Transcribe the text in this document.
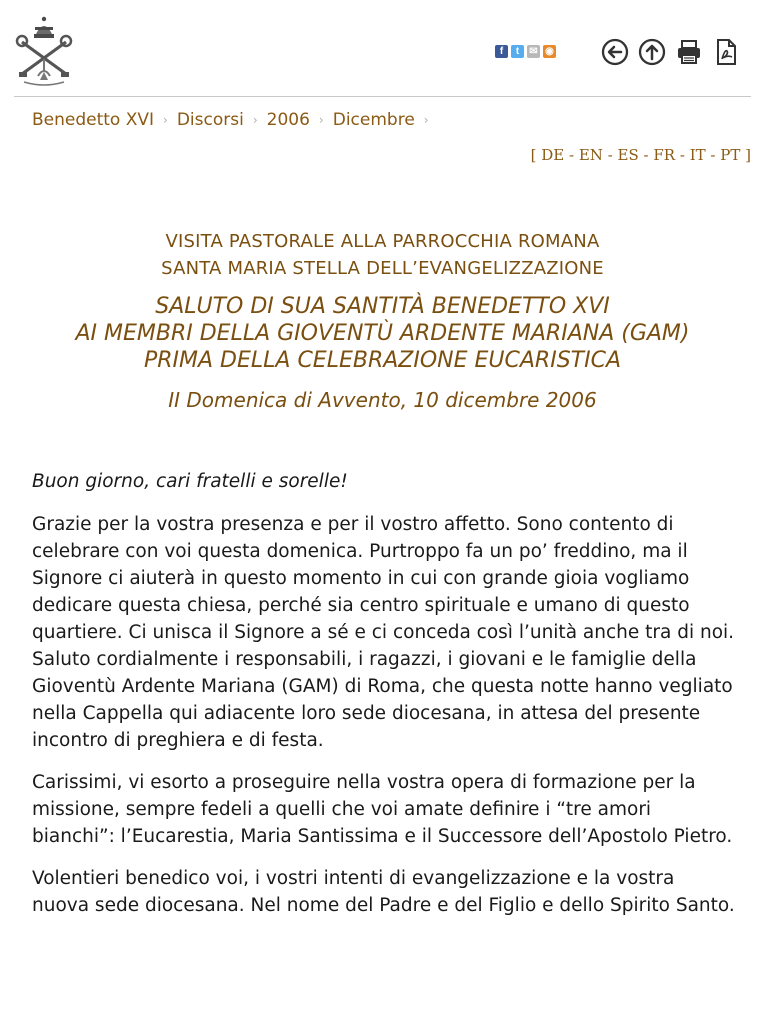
f	t	✉ ◉
Benedetto XVI › Discorsi › 2006 › Dicembre ›
[ DE - EN - ES - FR - IT - PT ]
VISITA PASTORALE ALLA PARROCCHIA ROMANA
SANTA MARIA STELLA DELL’EVANGELIZZAZIONE
SALUTO DI SUA SANTITÀ BENEDETTO XVI
AI MEMBRI DELLA GIOVENTÙ ARDENTE MARIANA (GAM)
PRIMA DELLA CELEBRAZIONE EUCARISTICA
II Domenica di Avvento, 10 dicembre 2006

Buon giorno, cari fratelli e sorelle!

Grazie per la vostra presenza e per il vostro affetto. Sono contento di celebrare con voi questa domenica. Purtroppo fa un po’ freddino, ma il Signore ci aiuterà in questo momento in cui con grande gioia vogliamo dedicare questa chiesa, perché sia centro spirituale e umano di questo quartiere. Ci unisca il Signore a sé e ci conceda così l’unità anche tra di noi. Saluto cordialmente i responsabili, i ragazzi, i giovani e le famiglie della Gioventù Ardente Mariana (GAM) di Roma, che questa notte hanno vegliato nella Cappella qui adiacente loro sede diocesana, in attesa del presente incontro di preghiera e di festa.

Carissimi, vi esorto a proseguire nella vostra opera di formazione per la missione, sempre fedeli a quelli che voi amate definire i “tre amori bianchi”: l’Eucarestia, Maria Santissima e il Successore dell’Apostolo Pietro.

Volentieri benedico voi, i vostri intenti di evangelizzazione e la vostra nuova sede diocesana. Nel nome del Padre e del Figlio e dello Spirito Santo.
